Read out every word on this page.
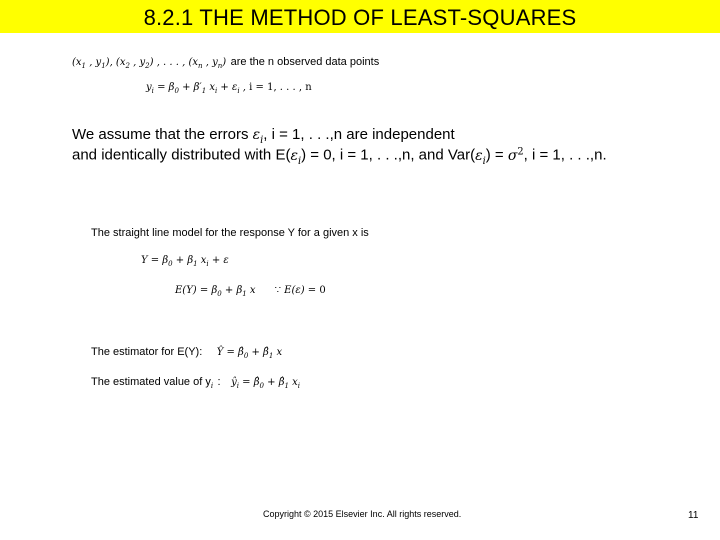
8.2.1 THE METHOD OF LEAST-SQUARES
($x_1$ , $y_1$), ($x_2$ , $y_2$) , . . . , ($x_n$ , $y_n$) are the n observed data points
$y_i = \beta_0 + \beta'_1$ $x_i + \varepsilon_i$ , i = 1, . . . , n
We assume that the errors $\varepsilon_i$, i = 1, . . .,n are independent
and identically distributed with $E(\varepsilon_i) = 0$, i = 1, . . .,n, and $Var(\varepsilon_i) = \sigma^2$, i = 1, . . .,n.
The straight line model for the response Y for a given x is
$Y = \beta_0 + \beta_1$ $x_i + \varepsilon$
$E(Y) = \beta_0 + \beta_1$ x      ∵ E(ε) = 0
The estimator for E(Y): Ŷ = $\betâ_0$ + $\betâ_1$ x
The estimated value of $y_i$ : $ŷ_i$ = $\betâ_0$ + $\betâ_1$ $x_i$
Copyright © 2015 Elsevier Inc. All rights reserved.	11
